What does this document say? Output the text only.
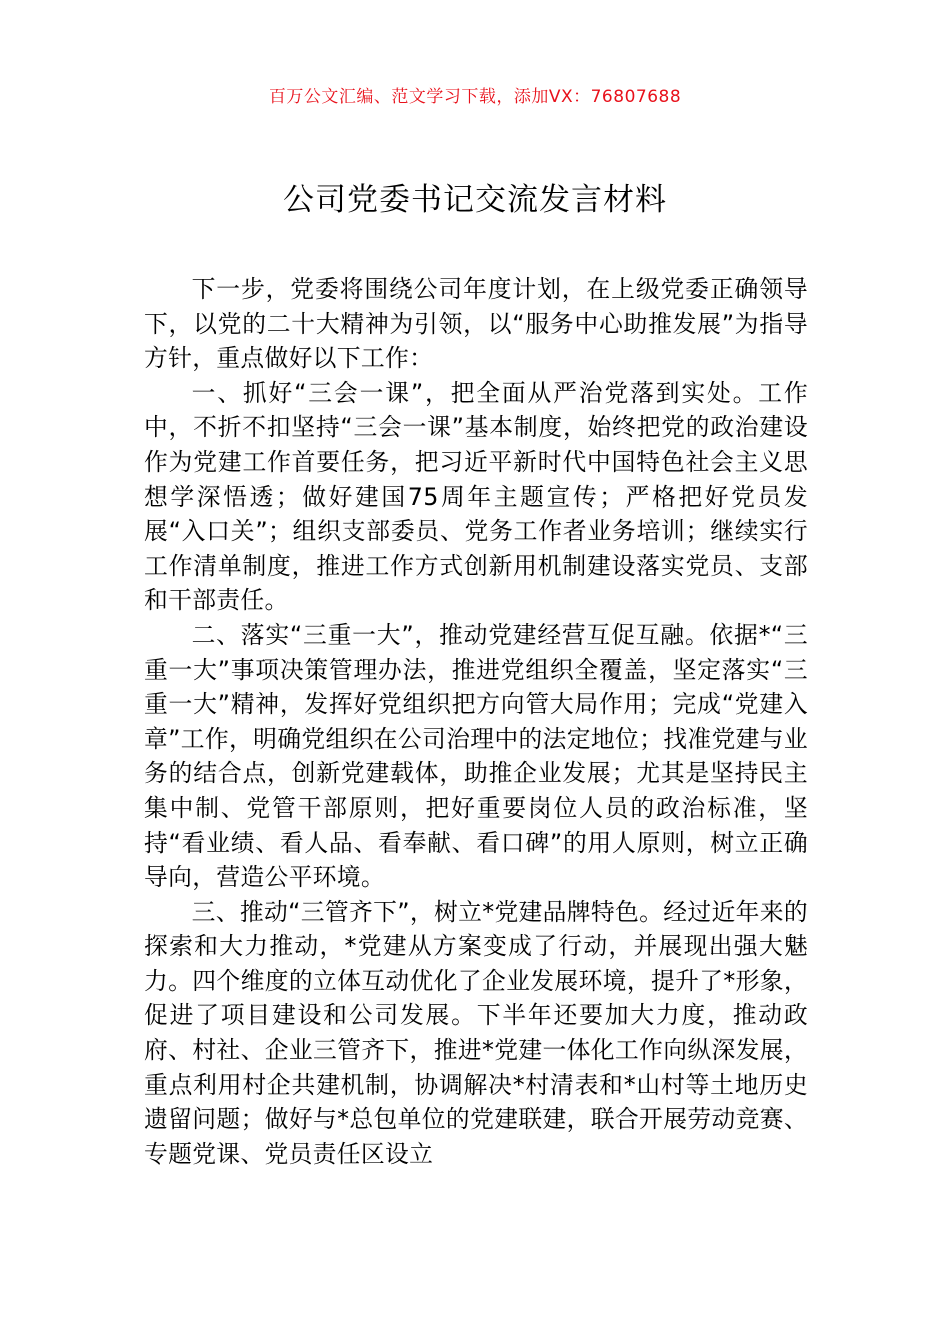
百万公文汇编、范文学习下载，添加VX：76807688
公司党委书记交流发言材料

下一步，党委将围绕公司年度计划，在上级党委正确领导下，以党的二十大精神为引领，以“服务中心助推发展”为指导方针，重点做好以下工作：

一、抓好“三会一课”，把全面从严治党落到实处。工作中，不折不扣坚持“三会一课”基本制度，始终把党的政治建设作为党建工作首要任务，把习近平新时代中国特色社会主义思想学深悟透；做好建国75周年主题宣传；严格把好党员发展“入口关”；组织支部委员、党务工作者业务培训；继续实行工作清单制度，推进工作方式创新用机制建设落实党员、支部和干部责任。

二、落实“三重一大”，推动党建经营互促互融。依据*“三重一大”事项决策管理办法，推进党组织全覆盖，坚定落实“三重一大”精神，发挥好党组织把方向管大局作用；完成“党建入章”工作，明确党组织在公司治理中的法定地位；找准党建与业务的结合点，创新党建载体，助推企业发展；尤其是坚持民主集中制、党管干部原则，把好重要岗位人员的政治标准，坚持“看业绩、看人品、看奉献、看口碑”的用人原则，树立正确导向，营造公平环境。

三、推动“三管齐下”，树立*党建品牌特色。经过近年来的探索和大力推动，*党建从方案变成了行动，并展现出强大魅力。四个维度的立体互动优化了企业发展环境，提升了*形象，促进了项目建设和公司发展。下半年还要加大力度，推动政府、村社、企业三管齐下，推进*党建一体化工作向纵深发展，重点利用村企共建机制，协调解决*村清表和*山村等土地历史遗留问题；做好与*总包单位的党建联建，联合开展劳动竞赛、专题党课、党员责任区设立
